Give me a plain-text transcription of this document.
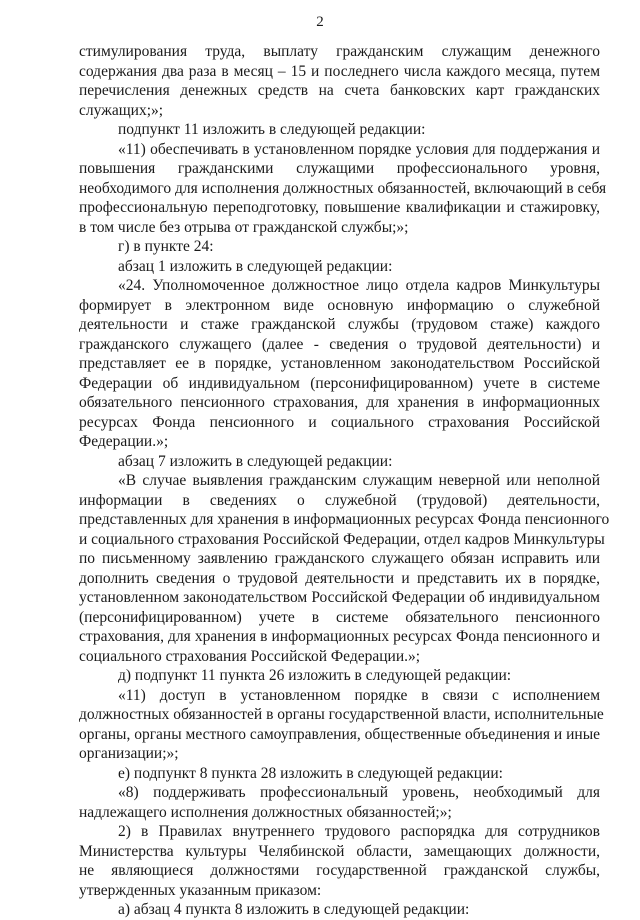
2
стимулирования труда, выплату гражданским служащим денежного
содержания два раза в месяц – 15 и последнего числа каждого месяца, путем
перечисления денежных средств на счета банковских карт гражданских
служащих;»;
подпункт 11 изложить в следующей редакции:
«11) обеспечивать в установленном порядке условия для поддержания и
повышения гражданскими служащими профессионального уровня,
необходимого для исполнения должностных обязанностей, включающий в себя
профессиональную переподготовку, повышение квалификации и стажировку,
в том числе без отрыва от гражданской службы;»;
г) в пункте 24:
абзац 1 изложить в следующей редакции:
«24. Уполномоченное должностное лицо отдела кадров Минкультуры
формирует в электронном виде основную информацию о служебной
деятельности и стаже гражданской службы (трудовом стаже) каждого
гражданского служащего (далее - сведения о трудовой деятельности) и
представляет ее в порядке, установленном законодательством Российской
Федерации об индивидуальном (персонифицированном) учете в системе
обязательного пенсионного страхования, для хранения в информационных
ресурсах Фонда пенсионного и социального страхования Российской
Федерации.»;
абзац 7 изложить в следующей редакции:
«В случае выявления гражданским служащим неверной или неполной
информации в сведениях о служебной (трудовой) деятельности,
представленных для хранения в информационных ресурсах Фонда пенсионного
и социального страхования Российской Федерации, отдел кадров Минкультуры
по письменному заявлению гражданского служащего обязан исправить или
дополнить сведения о трудовой деятельности и представить их в порядке,
установленном законодательством Российской Федерации об индивидуальном
(персонифицированном) учете в системе обязательного пенсионного
страхования, для хранения в информационных ресурсах Фонда пенсионного и
социального страхования Российской Федерации.»;
д) подпункт 11 пункта 26 изложить в следующей редакции:
«11) доступ в установленном порядке в связи с исполнением
должностных обязанностей в органы государственной власти, исполнительные
органы, органы местного самоуправления, общественные объединения и иные
организации;»;
е) подпункт 8 пункта 28 изложить в следующей редакции:
«8) поддерживать профессиональный уровень, необходимый для
надлежащего исполнения должностных обязанностей;»;
2) в Правилах внутреннего трудового распорядка для сотрудников
Министерства культуры Челябинской области, замещающих должности,
не являющиеся должностями государственной гражданской службы,
утвержденных указанным приказом:
а) абзац 4 пункта 8 изложить в следующей редакции:
